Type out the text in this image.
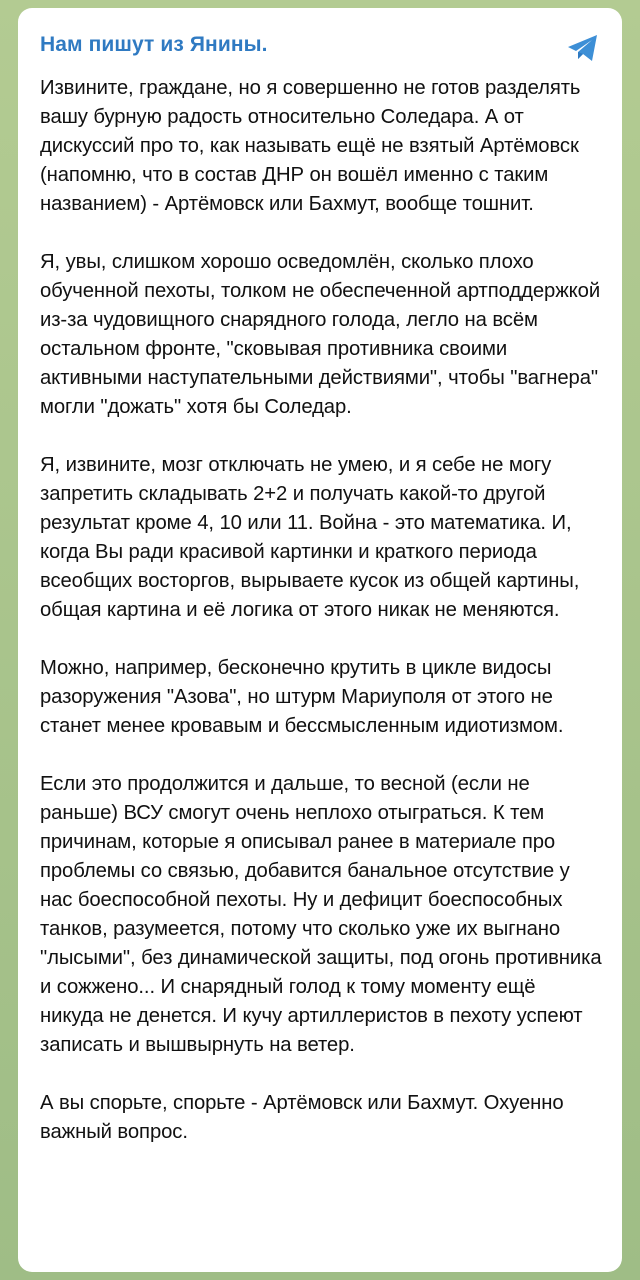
Нам пишут из Янины.

Извините, граждане, но я совершенно не готов разделять вашу бурную радость относительно Соледара. А от дискуссий про то, как называть ещё не взятый Артёмовск (напомню, что в состав ДНР он вошёл именно с таким названием) - Артёмовск или Бахмут, вообще тошнит.

Я, увы, слишком хорошо осведомлён, сколько плохо обученной пехоты, толком не обеспеченной артподдержкой из-за чудовищного снарядного голода, легло на всём остальном фронте, "сковывая противника своими активными наступательными действиями", чтобы "вагнера" могли "дожать" хотя бы Соледар.

Я, извините, мозг отключать не умею, и я себе не могу запретить складывать 2+2 и получать какой-то другой результат кроме 4, 10 или 11. Война - это математика. И, когда Вы ради красивой картинки и краткого периода всеобщих восторгов, вырываете кусок из общей картины, общая картина и её логика от этого никак не меняются.

Можно, например, бесконечно крутить в цикле видосы разоружения "Азова", но штурм Мариуполя от этого не станет менее кровавым и бессмысленным идиотизмом.

Если это продолжится и дальше, то весной (если не раньше) ВСУ смогут очень неплохо отыграться. К тем причинам, которые я описывал ранее в материале про проблемы со связью, добавится банальное отсутствие у нас боеспособной пехоты. Ну и дефицит боеспособных танков, разумеется, потому что сколько уже их выгнано "лысыми", без динамической защиты, под огонь противника и сожжено... И снарядный голод к тому моменту ещё никуда не денется. И кучу артиллеристов в пехоту успеют записать и вышвырнуть на ветер.

А вы спорьте, спорьте - Артёмовск или Бахмут. Охуенно важный вопрос.
